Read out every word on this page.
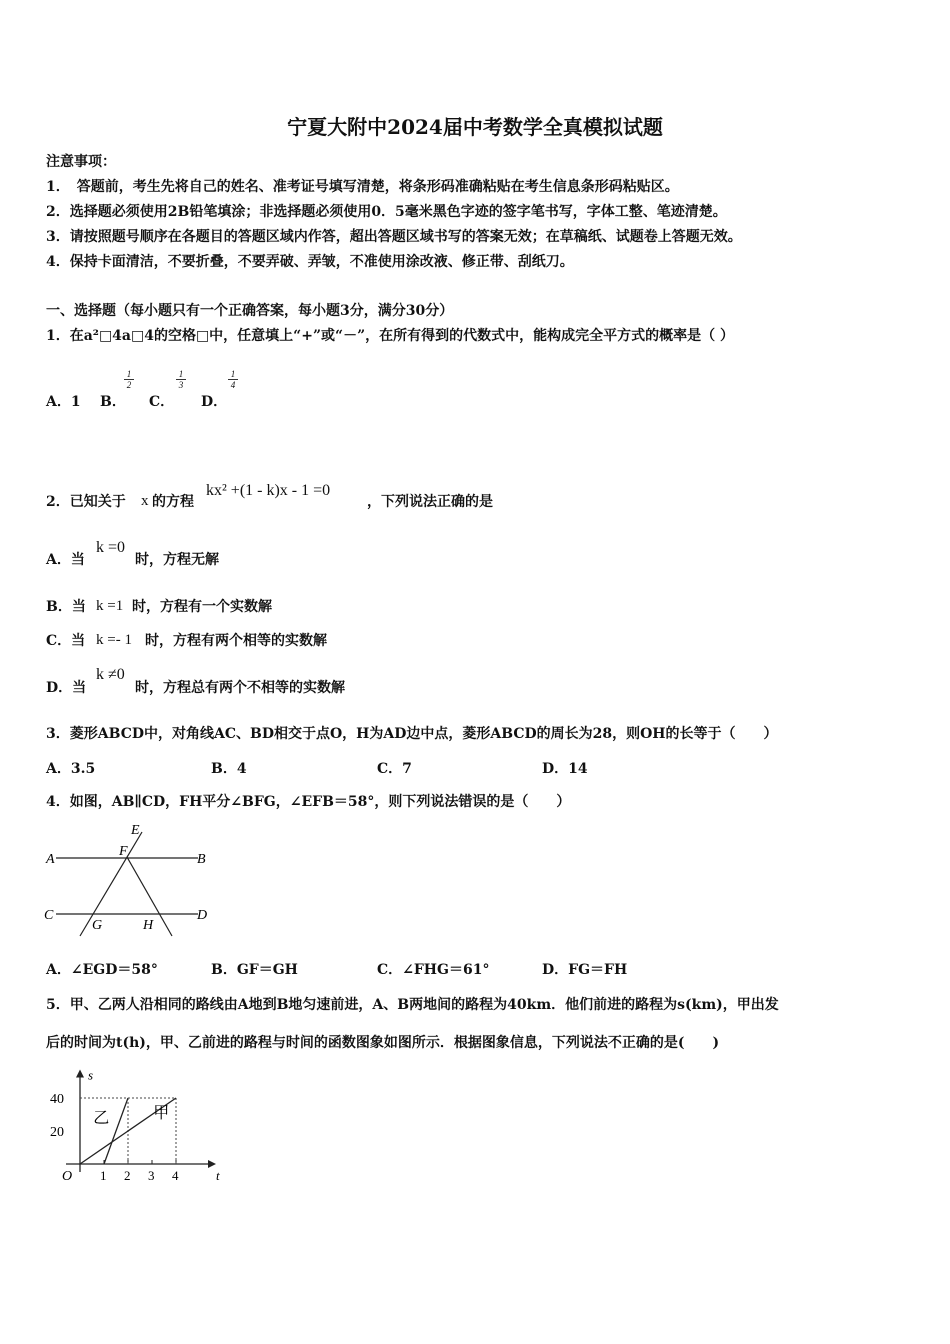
宁夏大附中2024届中考数学全真模拟试题
注意事项：
1．　答题前，考生先将自己的姓名、准考证号填写清楚，将条形码准确粘贴在考生信息条形码粘贴区。
2．选择题必须使用2B铅笔填涂；非选择题必须使用0．5毫米黑色字迹的签字笔书写，字体工整、笔迹清楚。
3．请按照题号顺序在各题目的答题区域内作答，超出答题区域书写的答案无效；在草稿纸、试题卷上答题无效。
4．保持卡面清洁，不要折叠，不要弄破、弄皱，不准使用涂改液、修正带、刮纸刀。
一、选择题（每小题只有一个正确答案，每小题3分，满分30分）
1．在a²□4a□4的空格□中，任意填上“+”或“－”，在所有得到的代数式中，能构成完全平方式的概率是（ ）
A．1 B．
1
2
C．
1
3
D．
1
4
2．已知关于 x 的方程
kx² +(1 - k)x - 1 =0
，下列说法正确的是
A．当
k =0
时，方程无解
B．当 k =1 时，方程有一个实数解
C．当 k =- 1 时，方程有两个相等的实数解
D．当
k ≠0
时，方程总有两个不相等的实数解
3．菱形ABCD中，对角线AC、BD相交于点O，H为AD边中点，菱形ABCD的周长为28，则OH的长等于（　　）
A．3.5	B．4	C．7	D．14
4．如图，AB∥CD，FH平分∠BFG，∠EFB＝58°，则下列说法错误的是（　　）
A	B
C	D
E
F
G	H
A．∠EGD＝58°	B．GF＝GH	C．∠FHG＝61°	D．FG＝FH
5．甲、乙两人沿相同的路线由A地到B地匀速前进，A、B两地间的路程为40km．他们前进的路程为s(km)，甲出发
后的时间为t(h)，甲、乙前进的路程与时间的函数图象如图所示．根据图象信息，下列说法不正确的是(　　)
t
s
O 1 2 3 4
20
40
甲
乙
